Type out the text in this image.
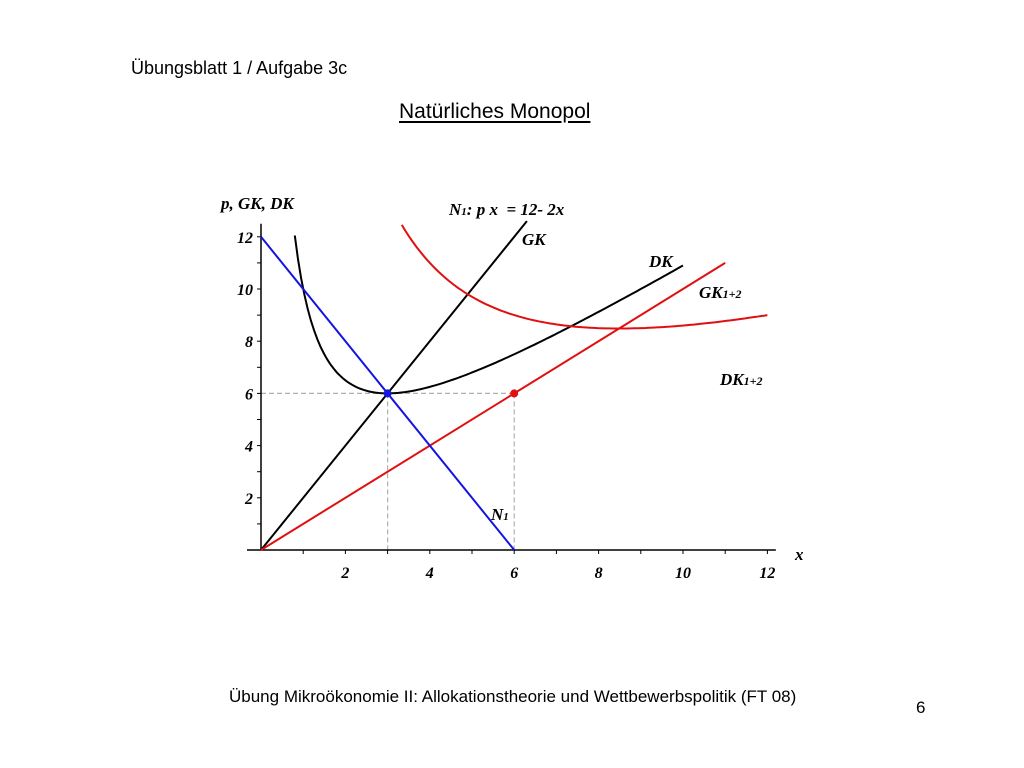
Übungsblatt 1 / Aufgabe 3c
Natürliches Monopol
2	4	6	8	10	12
2
4
6
8
10
12
p, GK, DK
x
N1: p x  = 12- 2x
GK
DK
GK1+2
DK1+2
N1
Übung Mikroökonomie II: Allokationstheorie und Wettbewerbspolitik (FT 08)
6
